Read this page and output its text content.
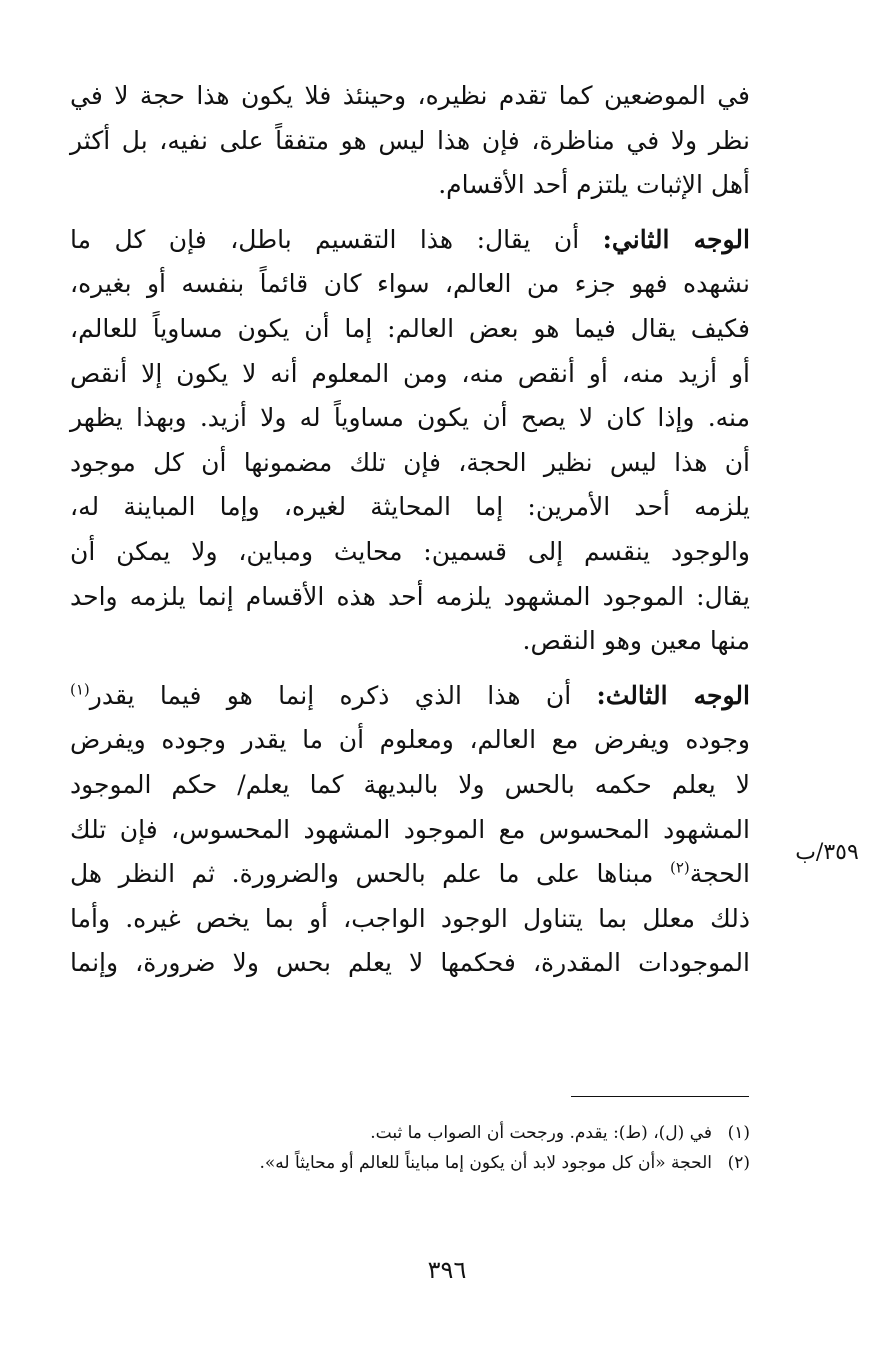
في الموضعين كما تقدم نظيره، وحينئذ فلا يكون هذا حجة لا في
نظر ولا في مناظرة، فإن هذا ليس هو متفقاً على نفيه، بل أكثر
أهل الإثبات يلتزم أحد الأقسام.

الوجه الثاني: أن يقال: هذا التقسيم باطل، فإن كل ما
نشهده فهو جزء من العالم، سواء كان قائماً بنفسه أو بغيره،
فكيف يقال فيما هو بعض العالم: إما أن يكون مساوياً للعالم،
أو أزيد منه، أو أنقص منه، ومن المعلوم أنه لا يكون إلا أنقص
منه. وإذا كان لا يصح أن يكون مساوياً له ولا أزيد. وبهذا يظهر
أن هذا ليس نظير الحجة، فإن تلك مضمونها أن كل موجود
يلزمه أحد الأمرين: إما المحايثة لغيره، وإما المباينة له،
والوجود ينقسم إلى قسمين: محايث ومباين، ولا يمكن أن
يقال: الموجود المشهود يلزمه أحد هذه الأقسام إنما يلزمه واحد
منها معين وهو النقص.

الوجه الثالث: أن هذا الذي ذكره إنما هو فيما يقدر$^{(١)}$
وجوده ويفرض مع العالم، ومعلوم أن ما يقدر وجوده ويفرض
لا يعلم حكمه بالحس ولا بالبديهة كما يعلم/ حكم الموجود
المشهود المحسوس مع الموجود المشهود المحسوس، فإن تلك
الحجة$^{(٢)}$ مبناها على ما علم بالحس والضرورة. ثم النظر هل
ذلك معلل بما يتناول الوجود الواجب، أو بما يخص غيره. وأما
الموجودات المقدرة، فحكمها لا يعلم بحس ولا ضرورة، وإنما

٣٥٩/ب
(١)في (ل)، (ط): يقدم. ورجحت أن الصواب ما ثبت.
(٢)الحجة «أن كل موجود لابد أن يكون إما مبايناً للعالم أو محايثاً له».
٣٩٦
